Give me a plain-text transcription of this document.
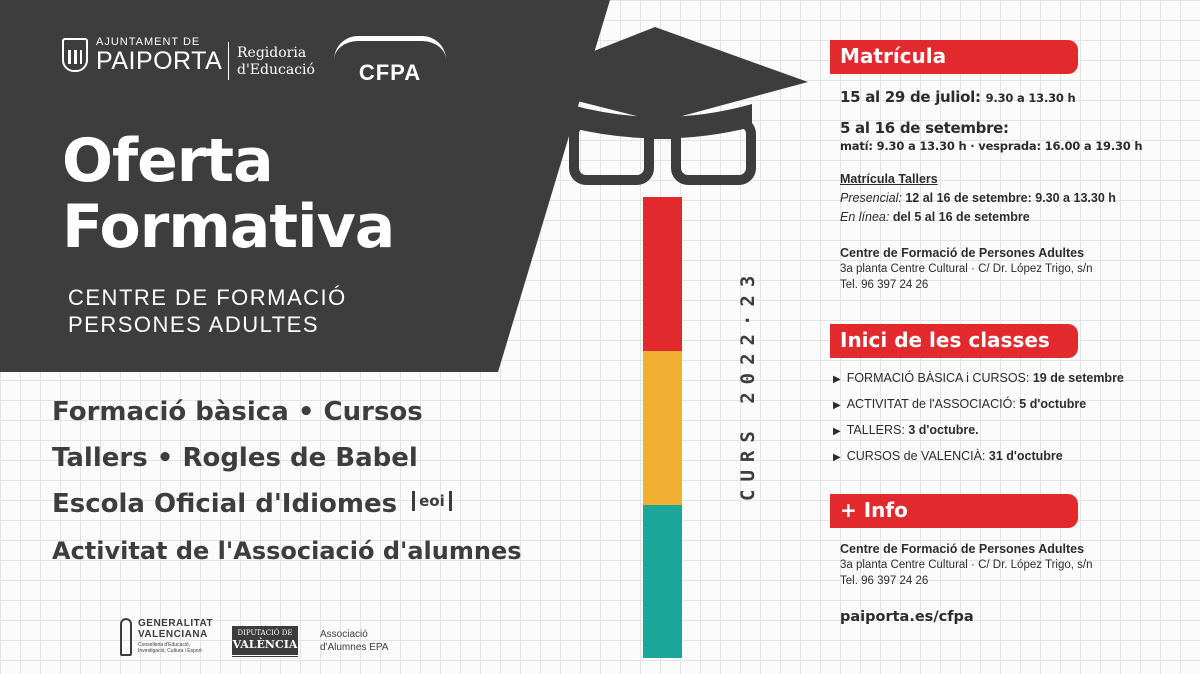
AJUNTAMENT DE
PAIPORTA Regidoria
d'Educació	CFPA
Oferta
Formativa
CENTRE DE FORMACIÓ
PERSONES ADULTES
Formació bàsica • Cursos
Tallers • Rogles de Babel
Escola Oficial d'Idiomes eoi
Activitat de l'Associació d'alumnes
GENERALITAT
VALENCIANA
Conselleria d'Educació, Investigació, Cultura i Esport
DIPUTACIÓ DE
VALÈNCIA
Associació
d'Alumnes EPA
CURS 2022·23
Matrícula
15 al 29 de juliol: 9.30 a 13.30 h
5 al 16 de setembre:
matí: 9.30 a 13.30 h · vesprada: 16.00 a 19.30 h
Matrícula Tallers
Presencial: 12 al 16 de setembre: 9.30 a 13.30 h
En línea: del 5 al 16 de setembre
Centre de Formació de Persones Adultes
3a planta Centre Cultural · C/ Dr. López Trigo, s/n
Tel. 96 397 24 26
Inici de les classes
▶ FORMACIÓ BÀSICA i CURSOS: 19 de setembre
▶ ACTIVITAT de l'ASSOCIACIÓ: 5 d'octubre
▶ TALLERS: 3 d'octubre.
▶ CURSOS de VALENCIÀ: 31 d'octubre
+ Info
Centre de Formació de Persones Adultes
3a planta Centre Cultural · C/ Dr. López Trigo, s/n
Tel. 96 397 24 26
paiporta.es/cfpa
